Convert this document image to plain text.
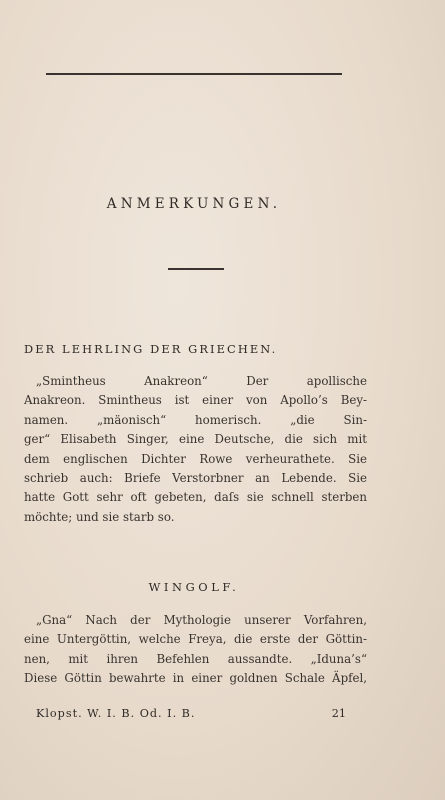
ANMERKUNGEN.
DER LEHRLING DER GRIECHEN.
„Smintheus Anakreon“ Der apollische
Anakreon. Smintheus ist einer von Apollo’s Bey-
namen. „mäonisch“ homerisch. „die Sin-
ger“ Elisabeth Singer, eine Deutsche, die sich mit
dem englischen Dichter Rowe verheurathete. Sie
schrieb auch: Briefe Verstorbner an Lebende. Sie
hatte Gott sehr oft gebeten, daſs sie schnell sterben
möchte; und sie starb so.
WINGOLF.
„Gna“ Nach der Mythologie unserer Vorfahren,
eine Untergöttin, welche Freya, die erste der Göttin-
nen, mit ihren Befehlen aussandte. „Iduna’s“
Diese Göttin bewahrte in einer goldnen Schale Äpfel,
Klopst. W. I. B. Od. I. B.	21
